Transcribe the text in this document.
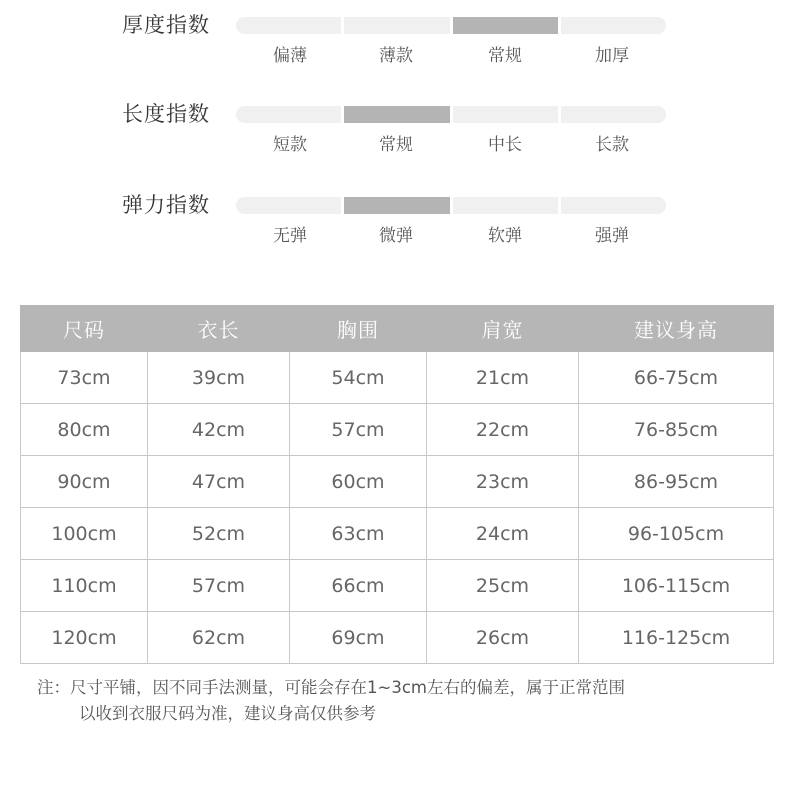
厚度指数
偏薄	薄款	常规	加厚
长度指数
短款	常规	中长	长款
弹力指数
无弹	微弹	软弹	强弹
尺码	衣长	胸围	肩宽	建议身高
73cm	39cm	54cm	21cm	66-75cm
80cm	42cm	57cm	22cm	76-85cm
90cm	47cm	60cm	23cm	86-95cm
100cm	52cm	63cm	24cm	96-105cm
110cm	57cm	66cm	25cm	106-115cm
120cm	62cm	69cm	26cm	116-125cm
注：尺寸平铺，因不同手法测量，可能会存在1~3cm左右的偏差，属于正常范围
以收到衣服尺码为准，建议身高仅供参考
